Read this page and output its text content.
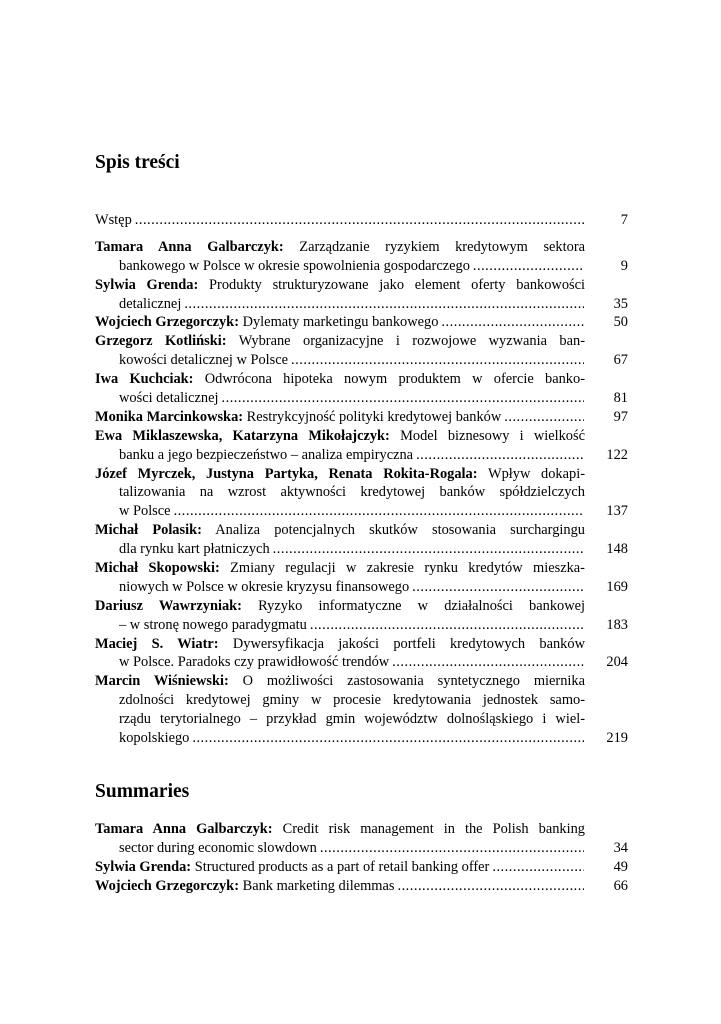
Spis treści
Wstęp .....	7
Tamara Anna Galbarczyk: Zarządzanie ryzykiem kredytowym sektora
bankowego w Polsce w okresie spowolnienia gospodarczego .....	9
Sylwia Grenda: Produkty strukturyzowane jako element oferty bankowości
detalicznej .....	35
Wojciech Grzegorczyk: Dylematy marketingu bankowego .....	50
Grzegorz Kotliński: Wybrane organizacyjne i rozwojowe wyzwania ban-
kowości detalicznej w Polsce .....	67
Iwa Kuchciak: Odwrócona hipoteka nowym produktem w ofercie banko-
wości detalicznej .....	81
Monika Marcinkowska: Restrykcyjność polityki kredytowej banków .....	97
Ewa Miklaszewska, Katarzyna Mikołajczyk: Model biznesowy i wielkość
banku a jego bezpieczeństwo – analiza empiryczna .....	122
Józef Myrczek, Justyna Partyka, Renata Rokita-Rogala: Wpływ dokapi-
talizowania na wzrost aktywności kredytowej banków spółdzielczych
w Polsce .....	137
Michał Polasik: Analiza potencjalnych skutków stosowania surchargingu
dla rynku kart płatniczych .....	148
Michał Skopowski: Zmiany regulacji w zakresie rynku kredytów mieszka-
niowych w Polsce w okresie kryzysu finansowego .....	169
Dariusz Wawrzyniak: Ryzyko informatyczne w działalności bankowej
– w stronę nowego paradygmatu .....	183
Maciej S. Wiatr: Dywersyfikacja jakości portfeli kredytowych banków
w Polsce. Paradoks czy prawidłowość trendów .....	204
Marcin Wiśniewski: O możliwości zastosowania syntetycznego miernika
zdolności kredytowej gminy w procesie kredytowania jednostek samo-
rządu terytorialnego – przykład gmin województw dolnośląskiego i wiel-
kopolskiego .....	219
Summaries
Tamara Anna Galbarczyk: Credit risk management in the Polish banking
sector during economic slowdown .....	34
Sylwia Grenda: Structured products as a part of retail banking offer .....	49
Wojciech Grzegorczyk: Bank marketing dilemmas .....	66
